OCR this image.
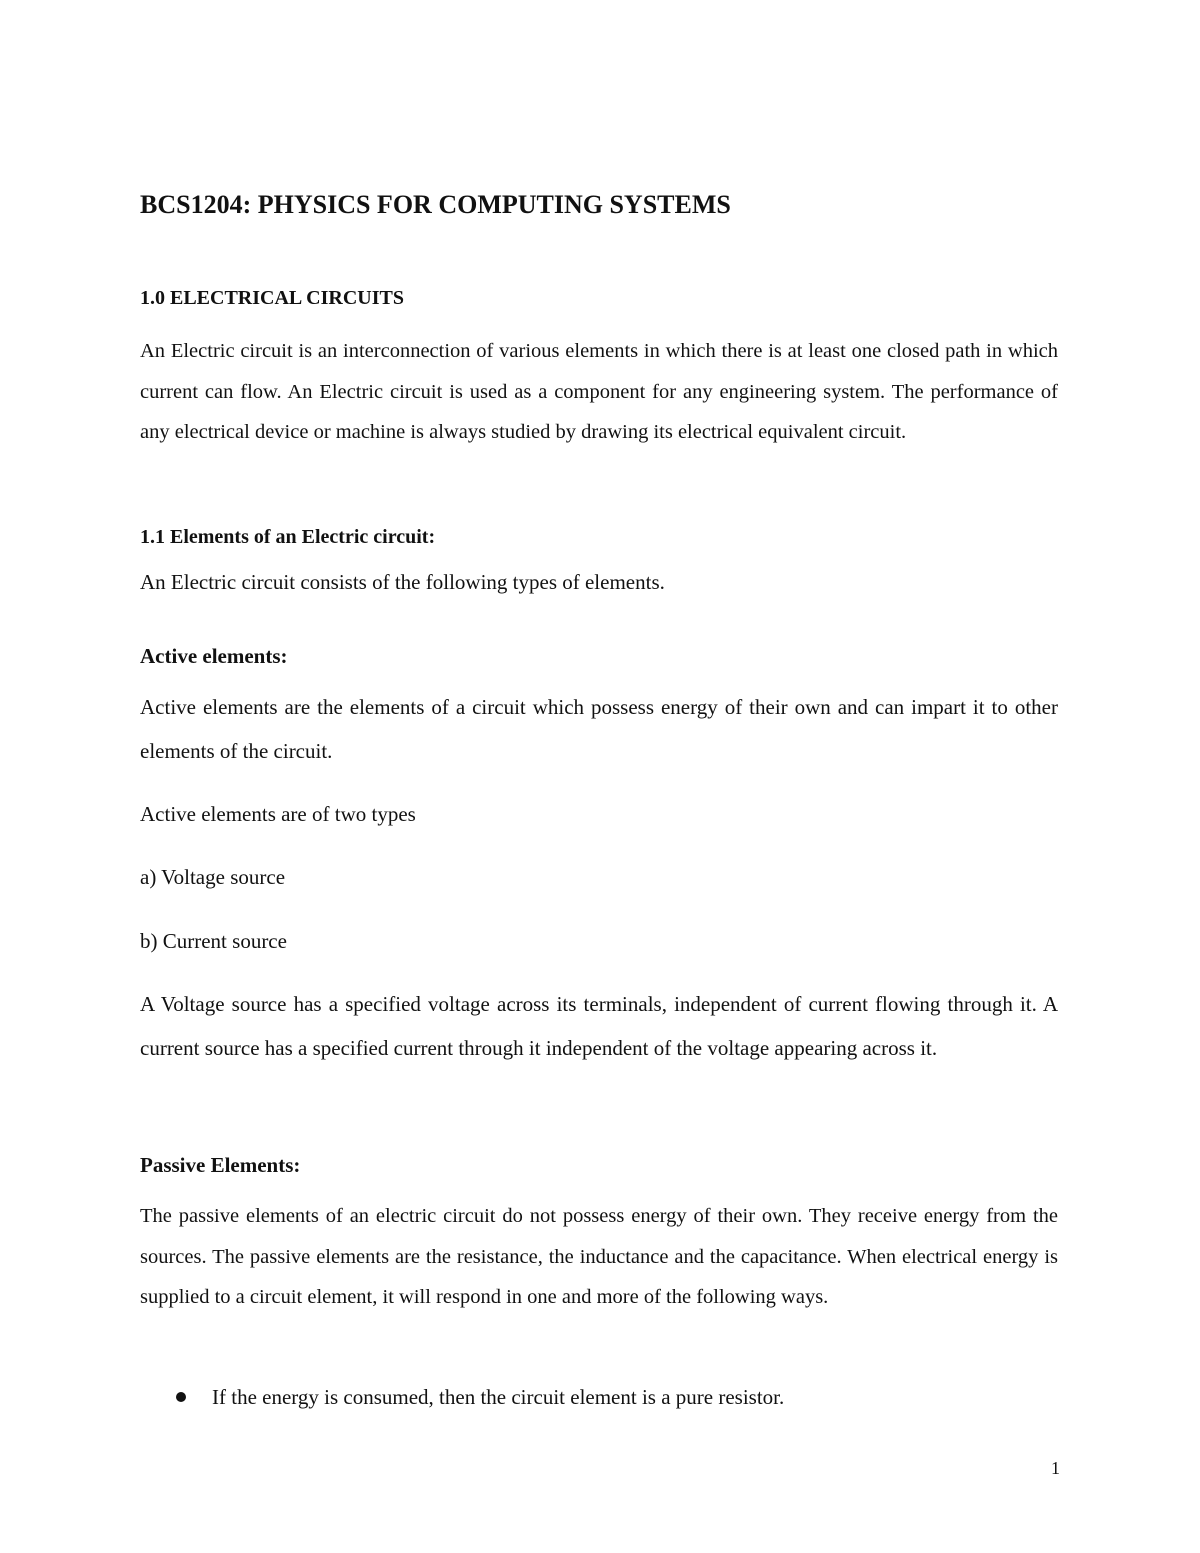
BCS1204: PHYSICS FOR COMPUTING SYSTEMS
1.0 ELECTRICAL CIRCUITS

An Electric circuit is an interconnection of various elements in which there is at least one closed path in which current can flow. An Electric circuit is used as a component for any engineering system. The performance of any electrical device or machine is always studied by drawing its electrical equivalent circuit.

1.1 Elements of an Electric circuit:

An Electric circuit consists of the following types of elements.

Active elements:

Active elements are the elements of a circuit which possess energy of their own and can impart it to other elements of the circuit.

Active elements are of two types

a) Voltage source

b) Current source

A Voltage source has a specified voltage across its terminals, independent of current flowing through it. A current source has a specified current through it independent of the voltage appearing across it.

Passive Elements:

The passive elements of an electric circuit do not possess energy of their own. They receive energy from the sources. The passive elements are the resistance, the inductance and the capacitance. When electrical energy is supplied to a circuit element, it will respond in one and more of the following ways.

If the energy is consumed, then the circuit element is a pure resistor.
1
